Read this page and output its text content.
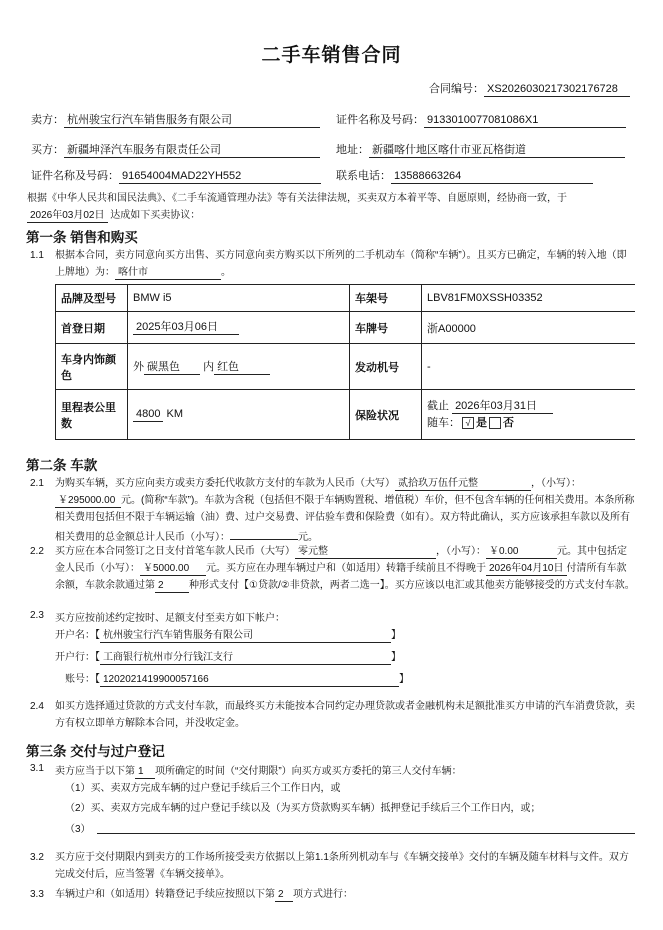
二手车销售合同
合同编号： XS2026030217302176728
卖方： 杭州骏宝行汽车销售服务有限公司	证件名称及号码： 9133010077081086X1
买方： 新疆坤泽汽车服务有限责任公司	地址： 新疆喀什地区喀什市亚瓦格街道
证件名称及号码： 91654004MAD22YH552	联系电话： 13588663264
根据《中华人民共和国民法典》、《二手车流通管理办法》等有关法律法规，买卖双方本着平等、自愿原则，经协商一致，于 2026年03月02日 达成如下买卖协议：
第一条 销售和购买
1.1 根据本合同，卖方同意向买方出售、买方同意向卖方购买以下所列的二手机动车（简称“车辆”）。且买方已确定，车辆的转入地（即上牌地）为： 喀什市	。
品牌及型号	BMW i5	车架号	LBV81FM0XSSH03352
首登日期	2025年03月06日	车牌号	浙A00000
车身内饰颜色	外 碳黑色 内 红色	发动机号	-
里程表公里数	4800 KM	保险状况	截止 2026年03月31日
随车： √ 是 否
第二条 车款
2.1 为购买车辆，买方应向卖方或卖方委托代收款方支付的车款为人民币（大写） 贰拾玖万伍仟元整	，（小写）：￥295000.00 元。(简称“车款”)。车款为含税（包括但不限于车辆购置税、增值税）车价，但不包含车辆的任何相关费用。本条所称相关费用包括但不限于车辆运输（油）费、过户交易费、评估验车费和保险费（如有）。双方特此确认，买方应该承担车款以及所有相关费用的总金额总计人民币（小写）：	元。
2.2 买方应在本合同签订之日支付首笔车款人民币（大写） 零元整	，（小写）： ￥0.00	元。其中包括定金人民币（小写）： ￥5000.00 元。买方应在办理车辆过户和（如适用）转籍手续前且不得晚于 2026年04月10日 付清所有车款余额，车款余款通过第 2	种形式支付【①贷款/②非贷款，两者二选一】。买方应该以电汇或其他卖方能够接受的方式支付车款。
2.3 买方应按前述约定按时、足额支付至卖方如下帐户：
开户名：【 杭州骏宝行汽车销售服务有限公司	】
开户行：【 工商银行杭州市分行钱江支行	】
账号：【 1202021419900057166	】
2.4 如买方选择通过贷款的方式支付车款，而最终买方未能按本合同约定办理贷款或者金融机构未足额批准买方申请的汽车消费贷款，卖方有权立即单方解除本合同，并没收定金。
第三条 交付与过户登记
3.1 卖方应当于以下第 1 项所确定的时间（“交付期限”）向买方或买方委托的第三人交付车辆：
（1）买、卖双方完成车辆的过户登记手续后三个工作日内，或
（2）买、卖双方完成车辆的过户登记手续以及（为买方贷款购买车辆）抵押登记手续后三个工作日内，或；
（3）
3.2 买方应于交付期限内到卖方的工作场所接受卖方依据以上第1.1条所列机动车与《车辆交接单》交付的车辆及随车材料与文件。双方完成交付后，应当签署《车辆交接单》。
3.3 车辆过户和（如适用）转籍登记手续应按照以下第 2 项方式进行：
